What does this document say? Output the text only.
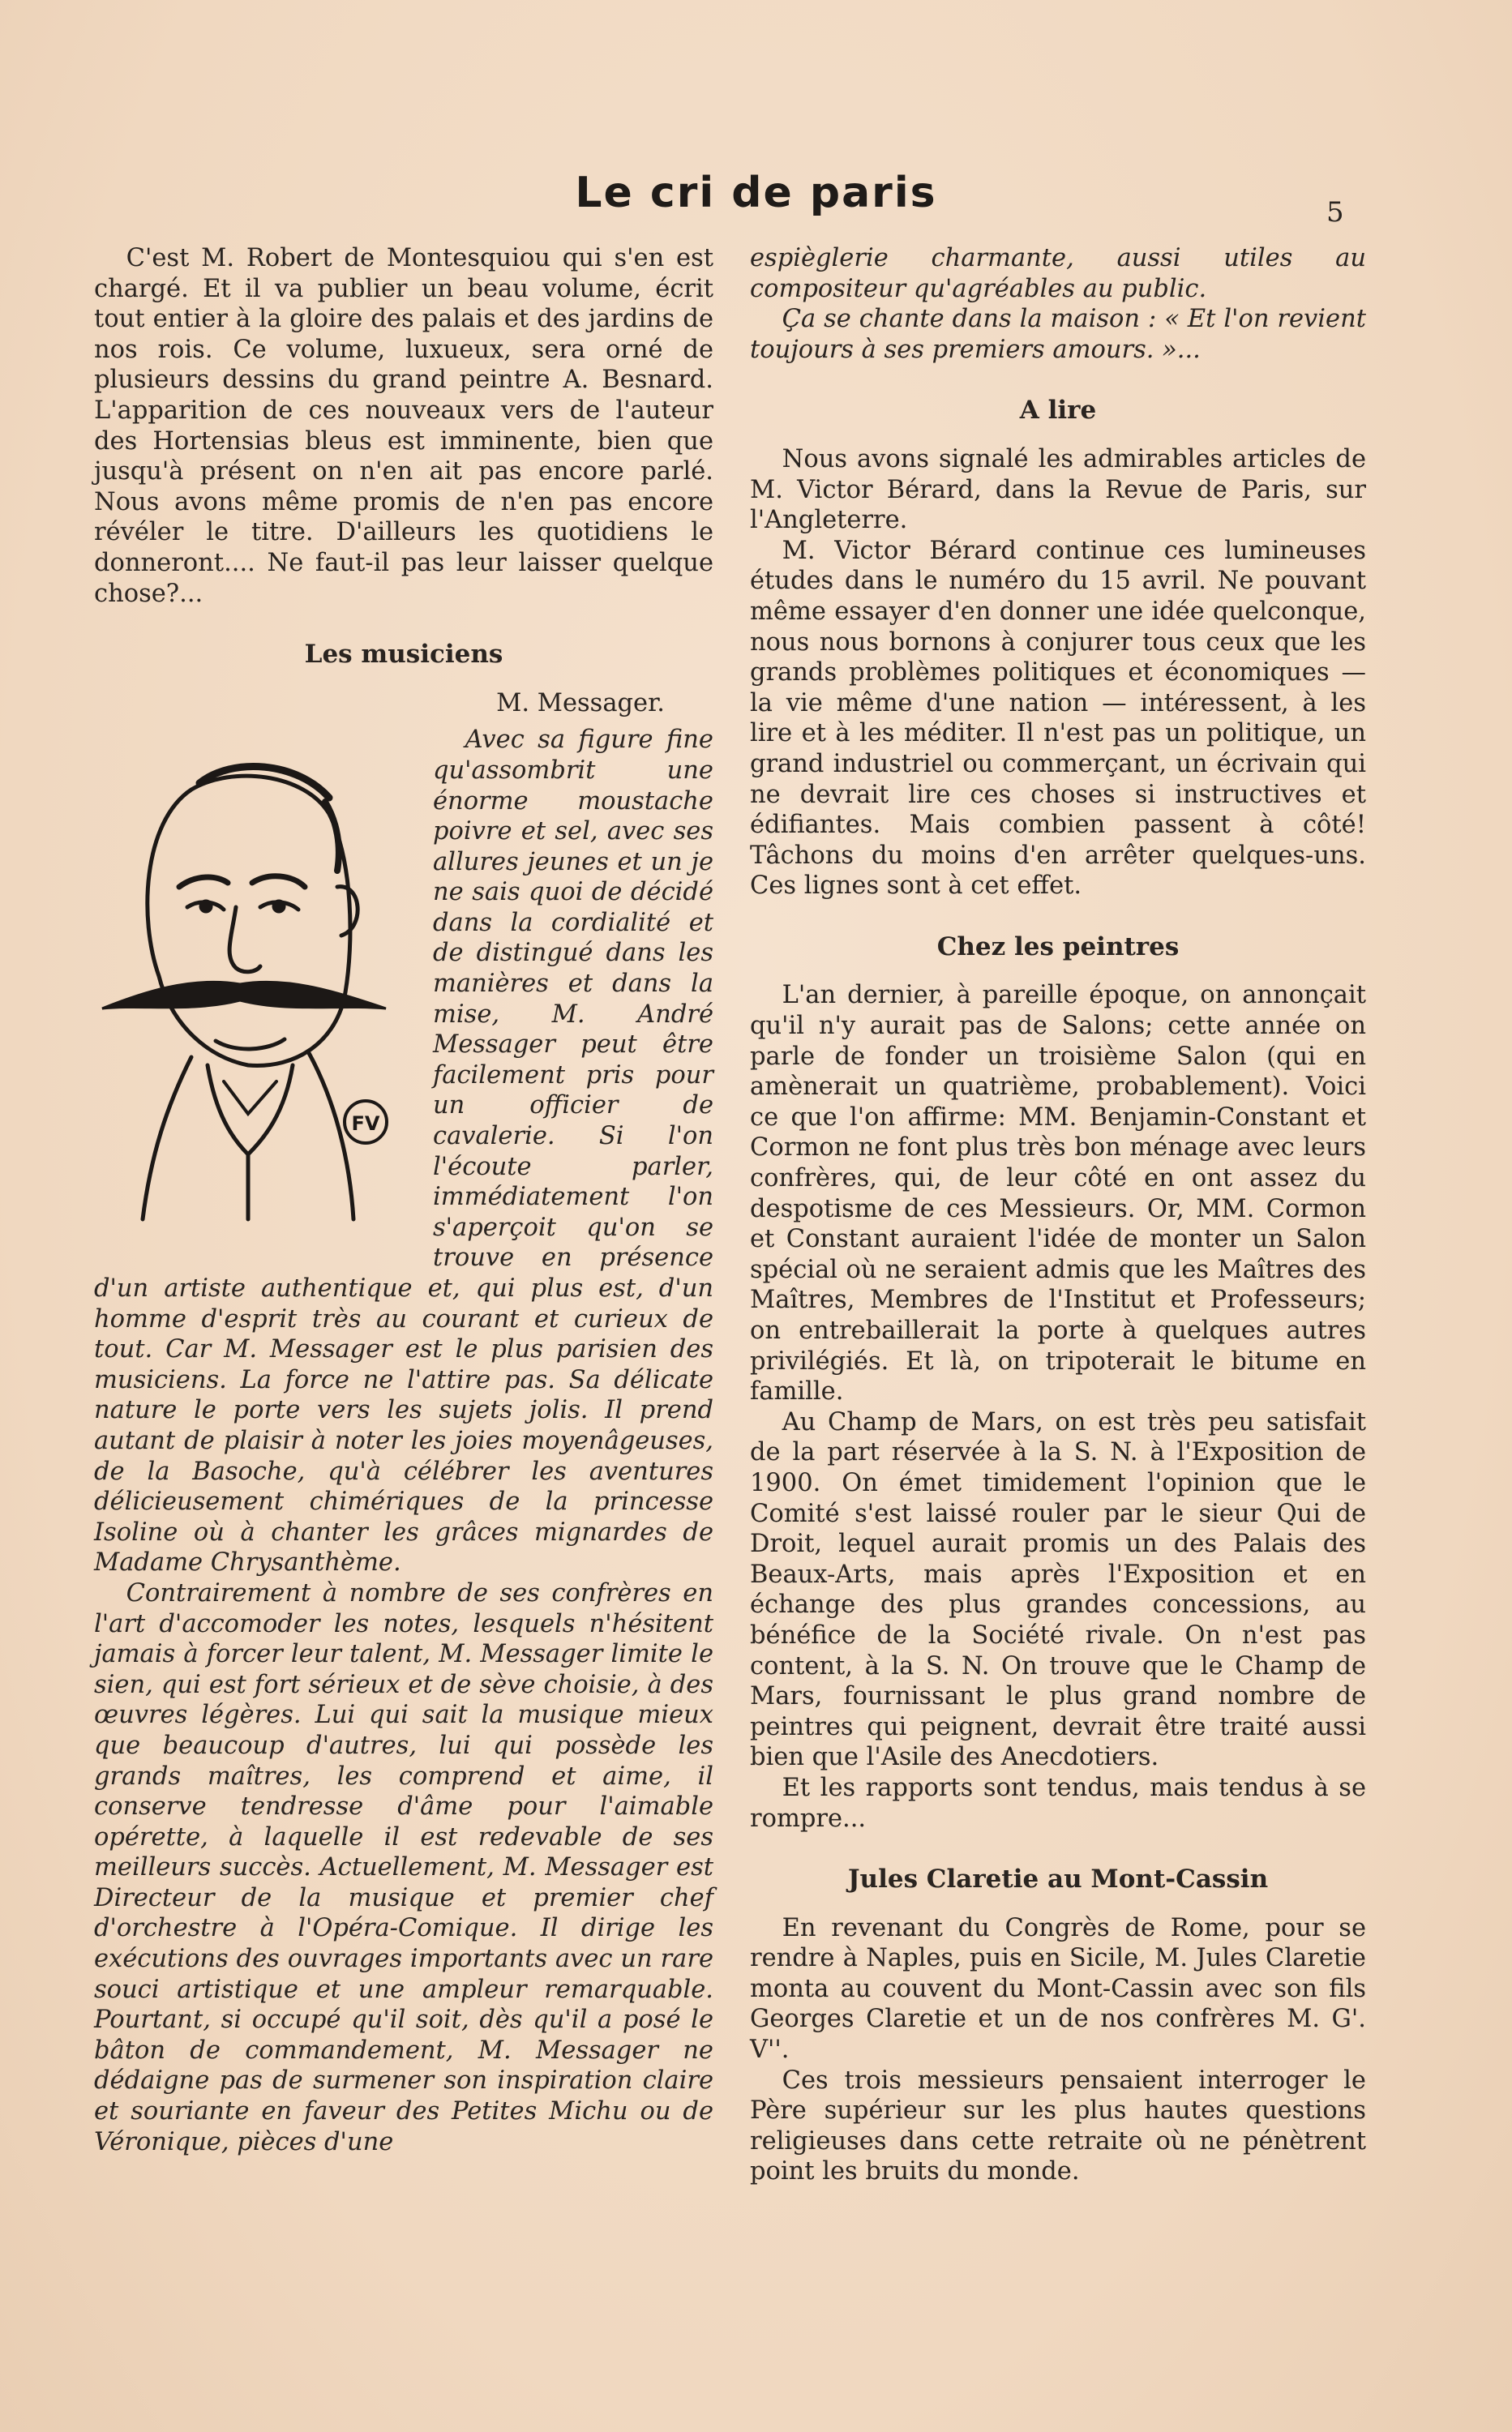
Le cri de paris	5

C'est M. Robert de Montesquiou qui s'en est chargé. Et il va publier un beau volume, écrit tout entier à la gloire des palais et des jardins de nos rois. Ce volume, luxueux, sera orné de plusieurs dessins du grand peintre A. Besnard. L'apparition de ces nouveaux vers de l'auteur des Hortensias bleus est imminente, bien que jusqu'à présent on n'en ait pas encore parlé. Nous avons même promis de n'en pas encore révéler le titre. D'ailleurs les quotidiens le donneront.... Ne faut-il pas leur laisser quelque chose?...

Les musiciens
M. Messager.
FV

Avec sa figure fine qu'assombrit une énorme moustache poivre et sel, avec ses allures jeunes et un je ne sais quoi de décidé dans la cordialité et de distingué dans les manières et dans la mise, M. André Messager peut être facilement pris pour un officier de cavalerie. Si l'on l'écoute parler, immédiatement l'on s'aperçoit qu'on se trouve en présence d'un artiste authentique et, qui plus est, d'un homme d'esprit très au courant et curieux de tout. Car M. Messager est le plus parisien des musiciens. La force ne l'attire pas. Sa délicate nature le porte vers les sujets jolis. Il prend autant de plaisir à noter les joies moyenâgeuses, de la Basoche, qu'à célébrer les aventures délicieusement chimériques de la princesse Isoline où à chanter les grâces mignardes de Madame Chrysanthème.

Contrairement à nombre de ses confrères en l'art d'accomoder les notes, lesquels n'hésitent jamais à forcer leur talent, M. Messager limite le sien, qui est fort sérieux et de sève choisie, à des œuvres légères. Lui qui sait la musique mieux que beaucoup d'autres, lui qui possède les grands maîtres, les comprend et aime, il conserve tendresse d'âme pour l'aimable opérette, à laquelle il est redevable de ses meilleurs succès. Actuellement, M. Messager est Directeur de la musique et premier chef d'orchestre à l'Opéra-Comique. Il dirige les exécutions des ouvrages importants avec un rare souci artistique et une ampleur remarquable. Pourtant, si occupé qu'il soit, dès qu'il a posé le bâton de commandement, M. Messager ne dédaigne pas de surmener son inspiration claire et souriante en faveur des Petites Michu ou de Véronique, pièces d'une

espièglerie charmante, aussi utiles au compositeur qu'agréables au public.

Ça se chante dans la maison : « Et l'on revient toujours à ses premiers amours. »...

A lire

Nous avons signalé les admirables articles de M. Victor Bérard, dans la Revue de Paris, sur l'Angleterre.

M. Victor Bérard continue ces lumineuses études dans le numéro du 15 avril. Ne pouvant même essayer d'en donner une idée quelconque, nous nous bornons à conjurer tous ceux que les grands problèmes politiques et économiques — la vie même d'une nation — intéressent, à les lire et à les méditer. Il n'est pas un politique, un grand industriel ou commerçant, un écrivain qui ne devrait lire ces choses si instructives et édifiantes. Mais combien passent à côté! Tâchons du moins d'en arrêter quelques-uns. Ces lignes sont à cet effet.

Chez les peintres

L'an dernier, à pareille époque, on annonçait qu'il n'y aurait pas de Salons; cette année on parle de fonder un troisième Salon (qui en amènerait un quatrième, probablement). Voici ce que l'on affirme: MM. Benjamin-Constant et Cormon ne font plus très bon ménage avec leurs confrères, qui, de leur côté en ont assez du despotisme de ces Messieurs. Or, MM. Cormon et Constant auraient l'idée de monter un Salon spécial où ne seraient admis que les Maîtres des Maîtres, Membres de l'Institut et Professeurs; on entrebaillerait la porte à quelques autres privilégiés. Et là, on tripoterait le bitume en famille.

Au Champ de Mars, on est très peu satisfait de la part réservée à la S. N. à l'Exposition de 1900. On émet timidement l'opinion que le Comité s'est laissé rouler par le sieur Qui de Droit, lequel aurait promis un des Palais des Beaux-Arts, mais après l'Exposition et en échange des plus grandes concessions, au bénéfice de la Société rivale. On n'est pas content, à la S. N. On trouve que le Champ de Mars, fournissant le plus grand nombre de peintres qui peignent, devrait être traité aussi bien que l'Asile des Anecdotiers.

Et les rapports sont tendus, mais tendus à se rompre...

Jules Claretie au Mont-Cassin

En revenant du Congrès de Rome, pour se rendre à Naples, puis en Sicile, M. Jules Claretie monta au couvent du Mont-Cassin avec son fils Georges Claretie et un de nos confrères M. G'. V''.

Ces trois messieurs pensaient interroger le Père supérieur sur les plus hautes questions religieuses dans cette retraite où ne pénètrent point les bruits du monde.
